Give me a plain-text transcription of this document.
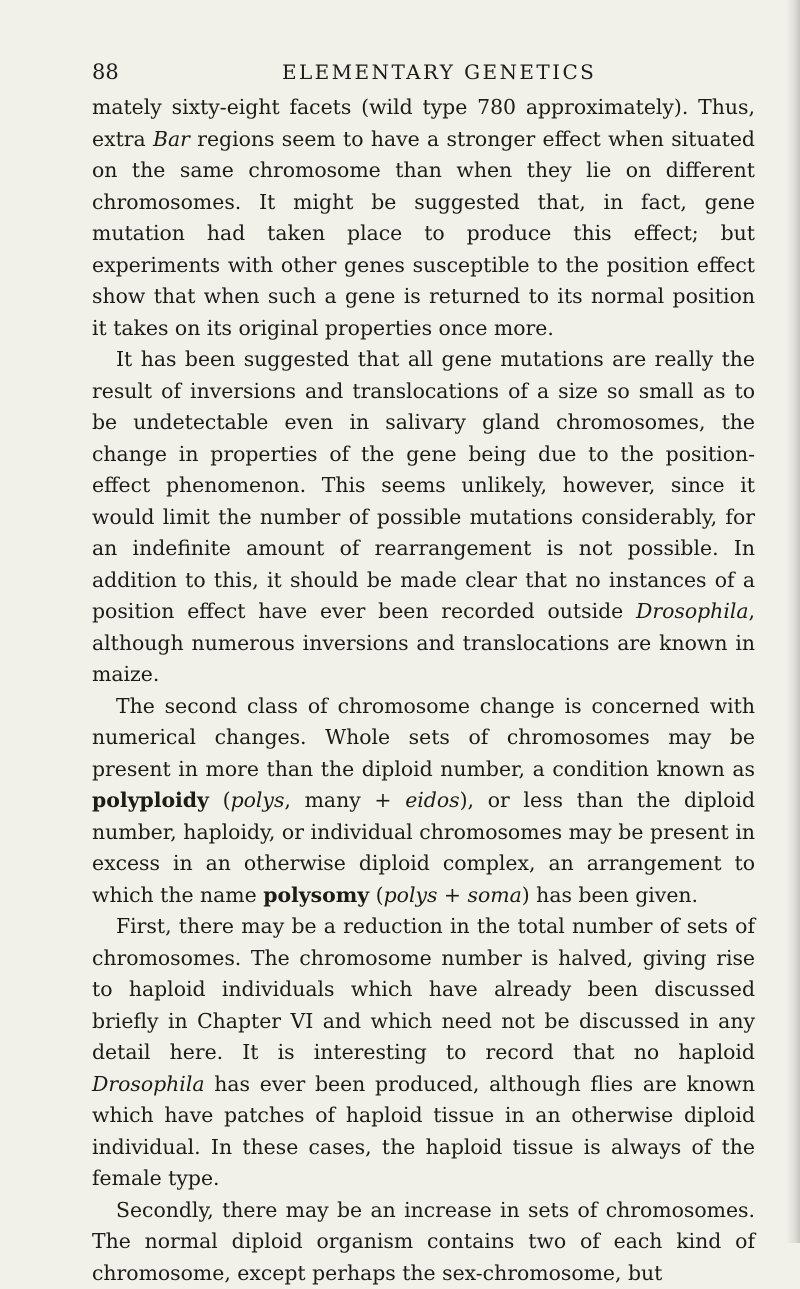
88	ELEMENTARY GENETICS

mately sixty-eight facets (wild type 780 approximately). Thus, extra Bar regions seem to have a stronger effect when situated on the same chromosome than when they lie on different chromosomes. It might be suggested that, in fact, gene mutation had taken place to produce this effect; but experiments with other genes susceptible to the position effect show that when such a gene is returned to its normal position it takes on its original properties once more.

It has been suggested that all gene mutations are really the result of inversions and translocations of a size so small as to be undetectable even in salivary gland chromosomes, the change in properties of the gene being due to the position-effect phenomenon. This seems unlikely, however, since it would limit the number of possible mutations considerably, for an indefinite amount of rearrangement is not possible. In addition to this, it should be made clear that no instances of a position effect have ever been recorded outside Drosophila, although numerous inversions and translocations are known in maize.

The second class of chromosome change is concerned with numerical changes. Whole sets of chromosomes may be present in more than the diploid number, a condition known as polyploidy (polys, many + eidos), or less than the diploid number, haploidy, or individual chromosomes may be present in excess in an otherwise diploid complex, an arrangement to which the name polysomy (polys + soma) has been given.

First, there may be a reduction in the total number of sets of chromosomes. The chromosome number is halved, giving rise to haploid individuals which have already been discussed briefly in Chapter VI and which need not be discussed in any detail here. It is interesting to record that no haploid Drosophila has ever been produced, although flies are known which have patches of haploid tissue in an otherwise diploid individual. In these cases, the haploid tissue is always of the female type.

Secondly, there may be an increase in sets of chromosomes. The normal diploid organism contains two of each kind of chromosome, except perhaps the sex-chromosome, but
